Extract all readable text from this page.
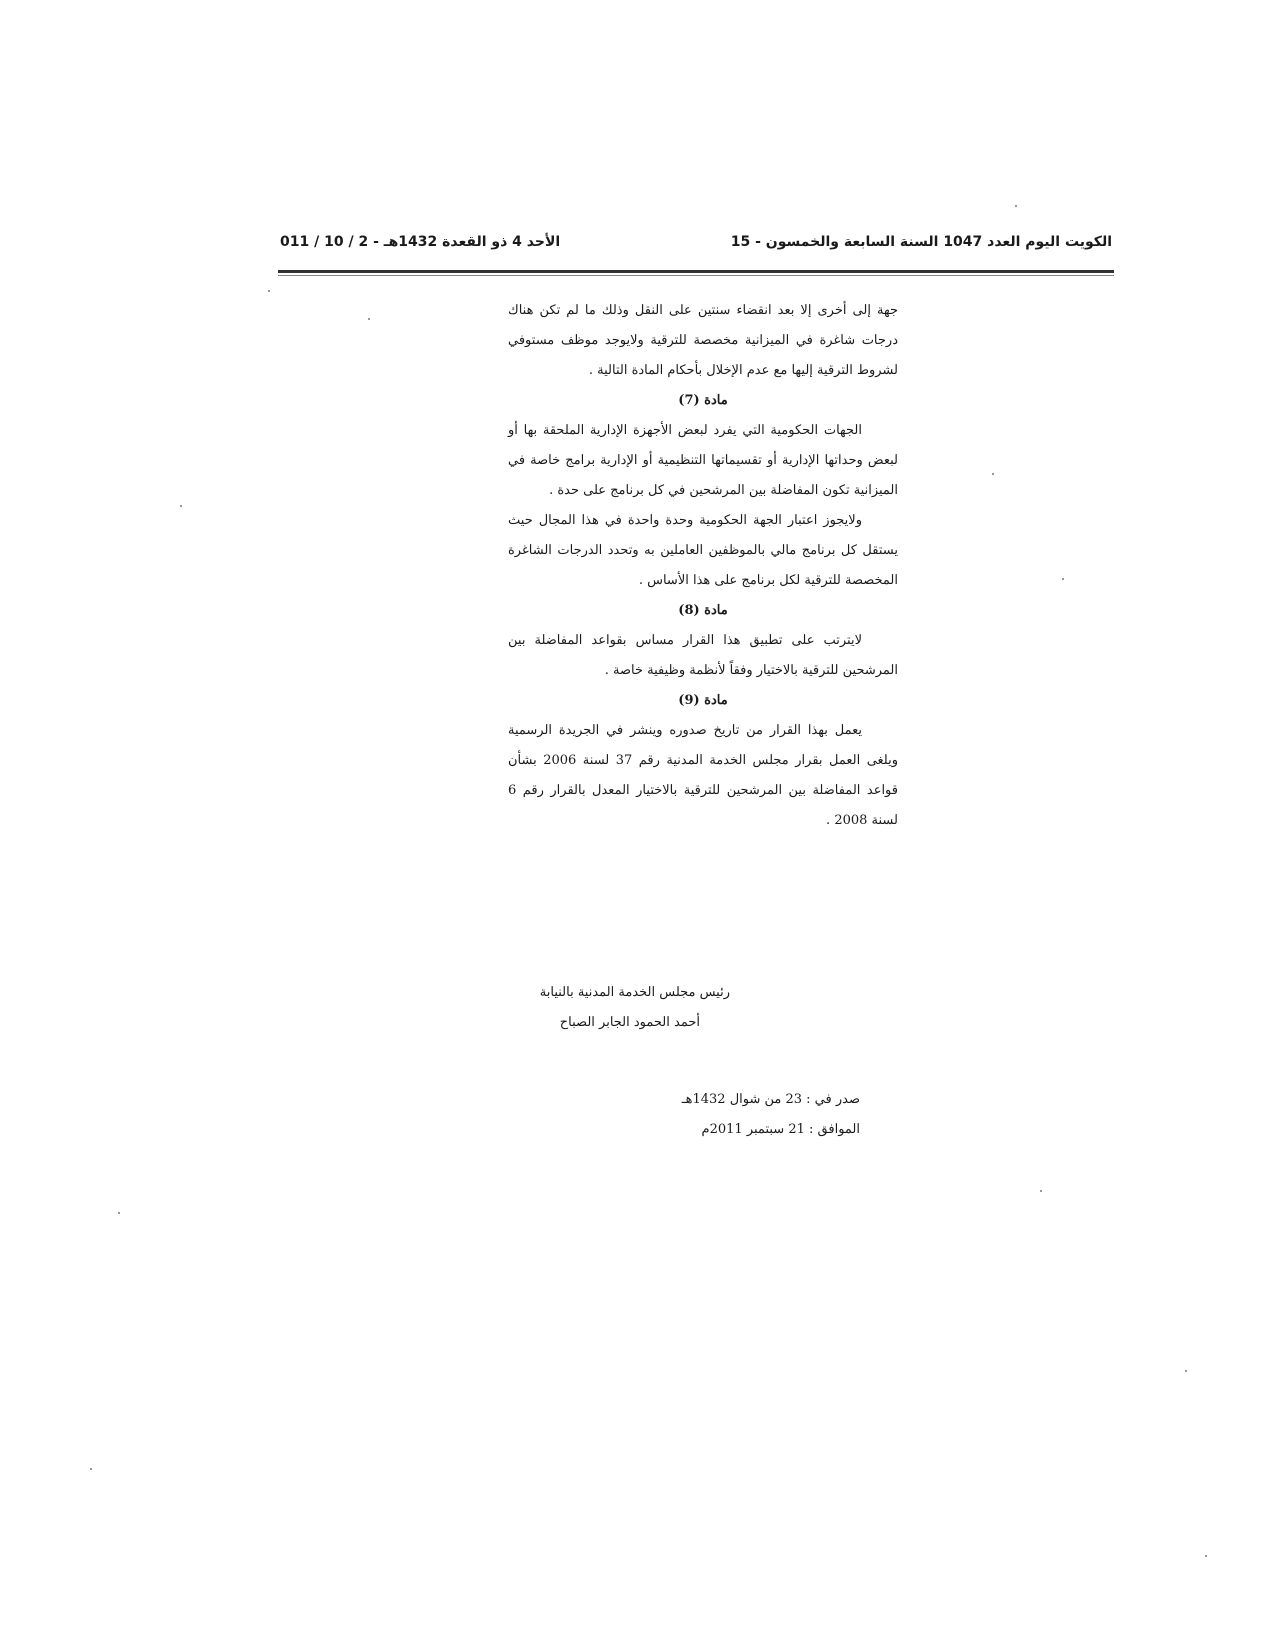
الكويت اليوم العدد 1047 السنة السابعة والخمسون - 15
الأحد 4 ذو القعدة 1432هـ - 2 / 10 / 011

جهة إلى أخرى إلا بعد انقضاء سنتين على النقل وذلك ما لم تكن هناك درجات شاغرة في الميزانية مخصصة للترقية ولايوجد موظف مستوفي لشروط الترقية إليها مع عدم الإخلال بأحكام المادة التالية .

مادة (7)

الجهات الحكومية التي يفرد لبعض الأجهزة الإدارية الملحقة بها أو لبعض وحداتها الإدارية أو تقسيماتها التنظيمية أو الإدارية برامج خاصة في الميزانية تكون المفاضلة بين المرشحين في كل برنامج على حدة .

ولايجوز اعتبار الجهة الحكومية وحدة واحدة في هذا المجال حيث يستقل كل برنامج مالي بالموظفين العاملين به وتحدد الدرجات الشاغرة المخصصة للترقية لكل برنامج على هذا الأساس .

مادة (8)

لايترتب على تطبيق هذا القرار مساس بقواعد المفاضلة بين المرشحين للترقية بالاختيار وفقاً لأنظمة وظيفية خاصة .

مادة (9)

يعمل بهذا القرار من تاريخ صدوره وينشر في الجريدة الرسمية ويلغى العمل بقرار مجلس الخدمة المدنية رقم 37 لسنة 2006 بشأن قواعد المفاضلة بين المرشحين للترقية بالاختيار المعدل بالقرار رقم 6 لسنة 2008 .

رئيس مجلس الخدمة المدنية بالنيابة
أحمد الحمود الجابر الصباح
صدر في : 23 من شوال 1432هـ
الموافق : 21 سبتمبر 2011م
